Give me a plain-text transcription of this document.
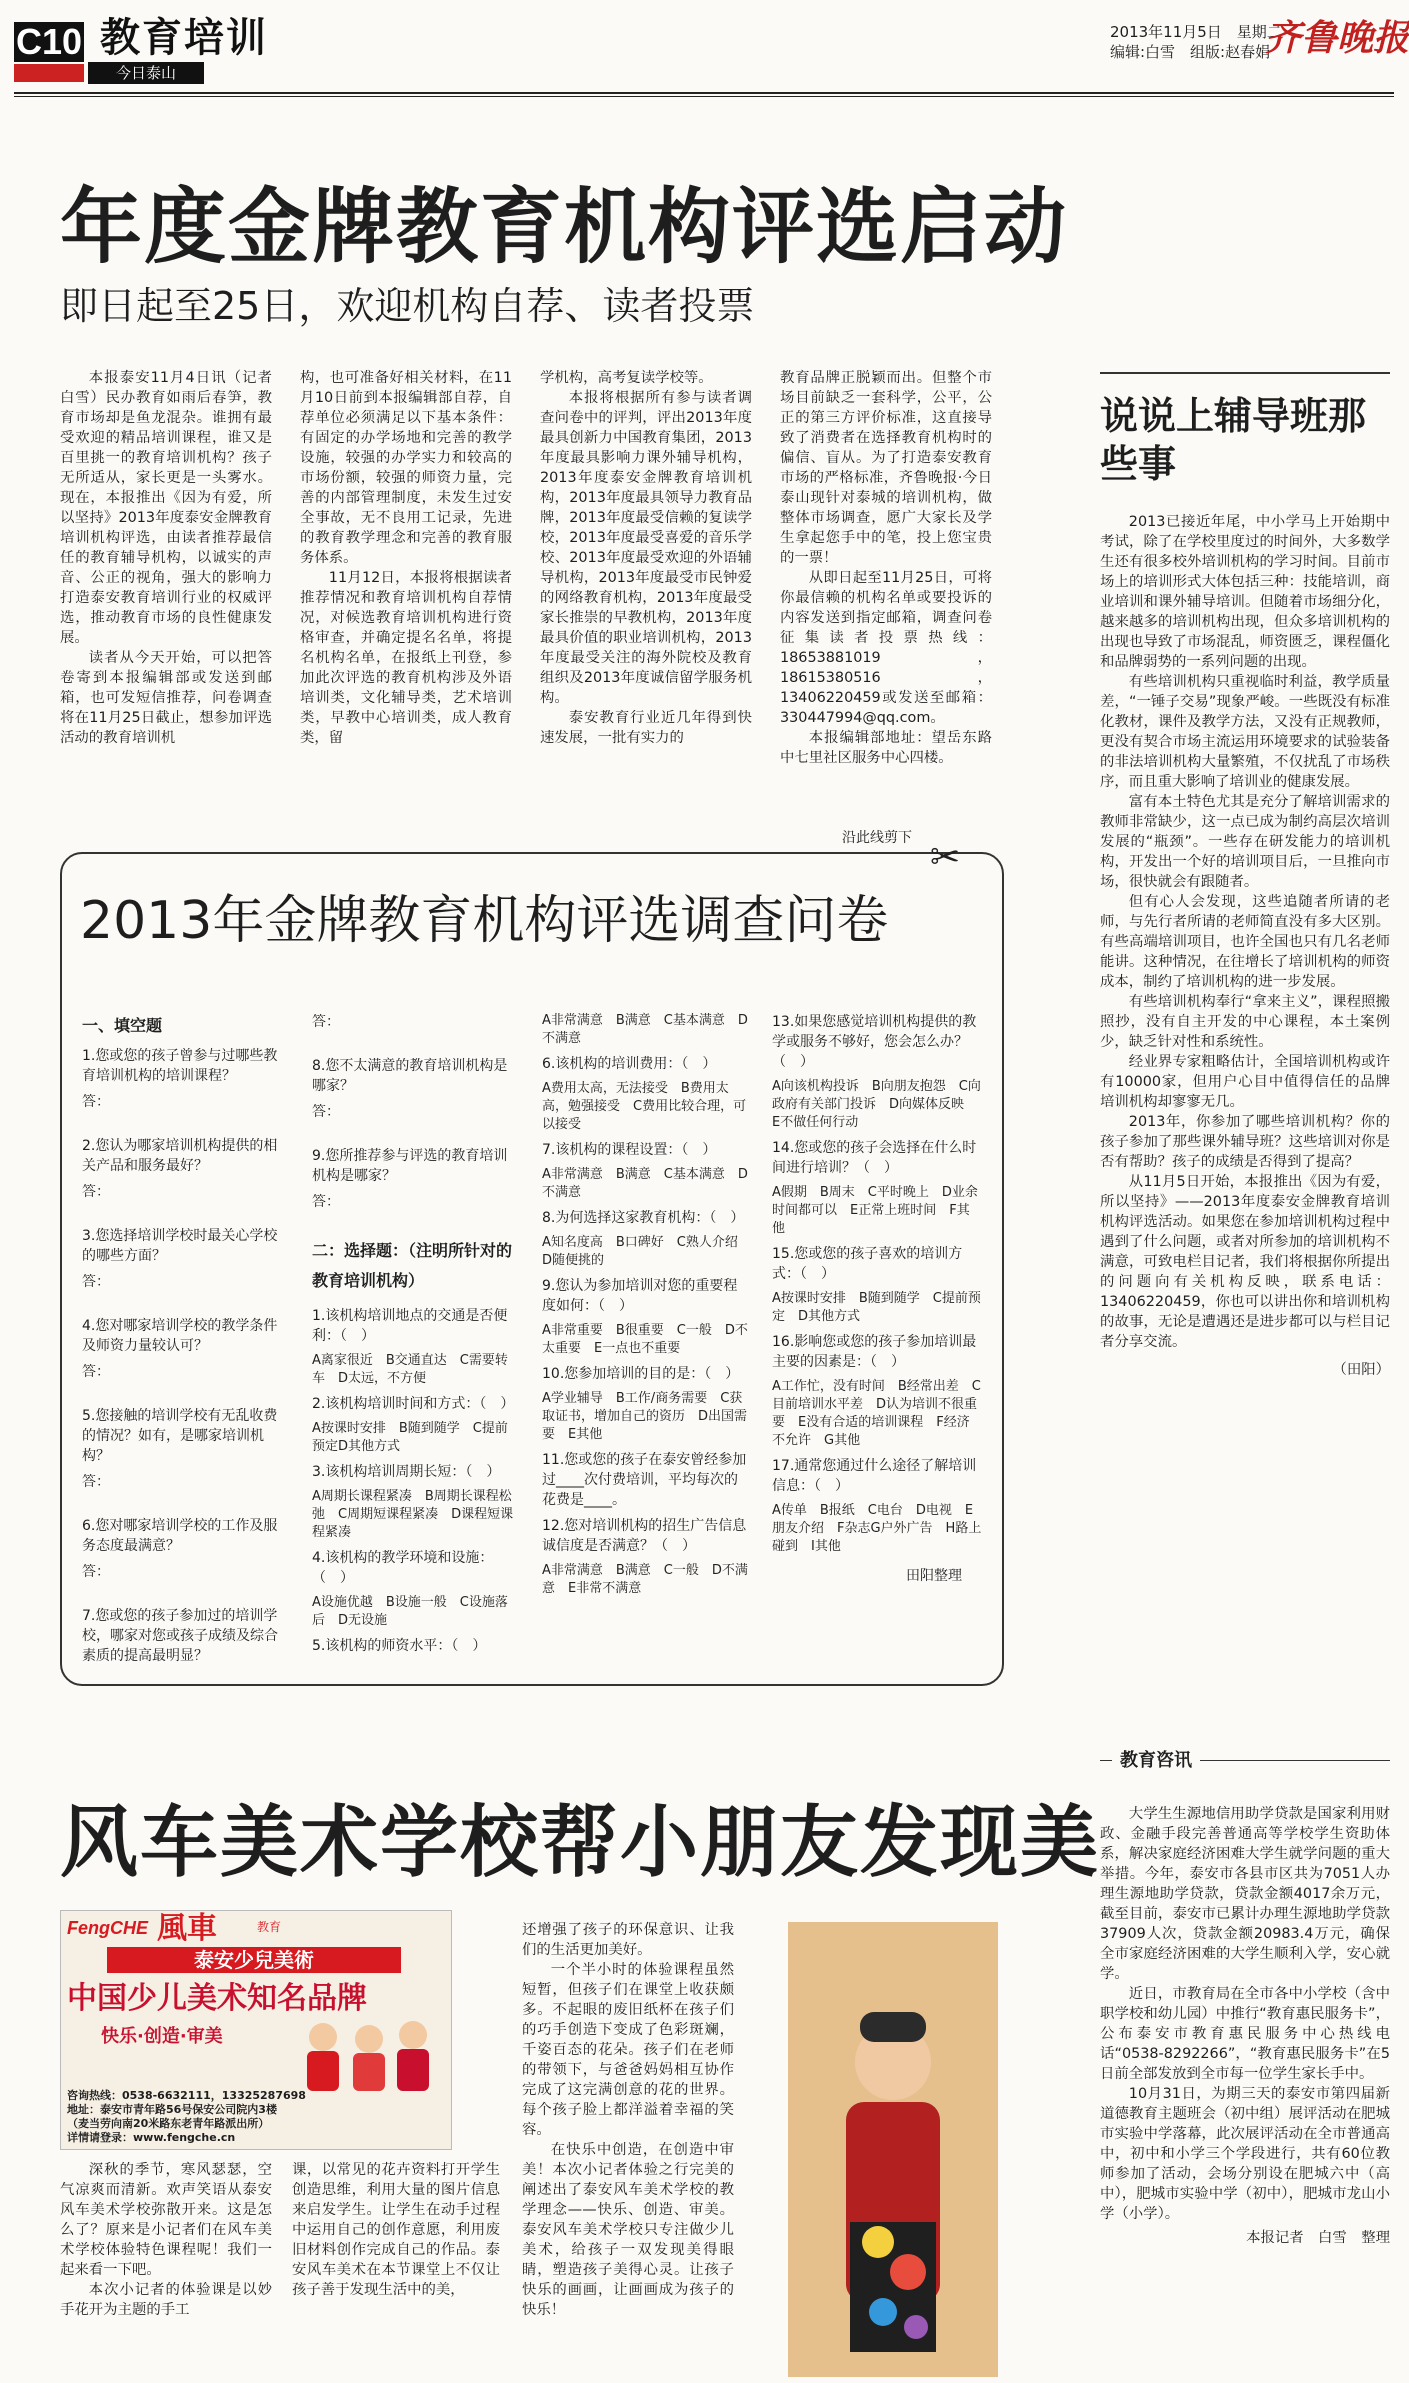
C10 教育培训
今日泰山
2013年11月5日　星期二
编辑:白雪　组版:赵春娟
齐鲁晚报
年度金牌教育机构评选启动
即日起至25日，欢迎机构自荐、读者投票

本报泰安11月4日讯（记者 白雪）民办教育如雨后春笋，教育市场却是鱼龙混杂。谁拥有最受欢迎的精品培训课程，谁又是百里挑一的教育培训机构？孩子无所适从，家长更是一头雾水。现在，本报推出《因为有爱，所以坚持》2013年度泰安金牌教育培训机构评选，由读者推荐最信任的教育辅导机构，以诚实的声音、公正的视角，强大的影响力打造泰安教育培训行业的权威评选，推动教育市场的良性健康发展。

读者从今天开始，可以把答卷寄到本报编辑部或发送到邮箱，也可发短信推荐，问卷调查将在11月25日截止，想参加评选活动的教育培训机

构，也可准备好相关材料，在11月10日前到本报编辑部自荐，自荐单位必须满足以下基本条件：有固定的办学场地和完善的教学设施，较强的办学实力和较高的市场份额，较强的师资力量，完善的内部管理制度，未发生过安全事故，无不良用工记录，先进的教育教学理念和完善的教育服务体系。

11月12日，本报将根据读者推荐情况和教育培训机构自荐情况，对候选教育培训机构进行资格审查，并确定提名名单，将提名机构名单，在报纸上刊登，参加此次评选的教育机构涉及外语培训类，文化辅导类，艺术培训类，早教中心培训类，成人教育类，留

学机构，高考复读学校等。

本报将根据所有参与读者调查问卷中的评判，评出2013年度最具创新力中国教育集团，2013年度最具影响力课外辅导机构，2013年度泰安金牌教育培训机构，2013年度最具领导力教育品牌，2013年度最受信赖的复读学校，2013年度最受喜爱的音乐学校、2013年度最受欢迎的外语辅导机构，2013年度最受市民钟爱的网络教育机构，2013年度最受家长推崇的早教机构，2013年度最具价值的职业培训机构，2013年度最受关注的海外院校及教育组织及2013年度诚信留学服务机构。

泰安教育行业近几年得到快速发展，一批有实力的

教育品牌正脱颖而出。但整个市场目前缺乏一套科学，公平，公正的第三方评价标准，这直接导致了消费者在选择教育机构时的偏信、盲从。为了打造泰安教育市场的严格标准，齐鲁晚报·今日泰山现针对泰城的培训机构，做整体市场调查，愿广大家长及学生拿起您手中的笔，投上您宝贵的一票！

从即日起至11月25日，可将你最信赖的机构名单或要投诉的内容发送到指定邮箱，调查问卷征集读者投票热线：18653881019，18615380516，13406220459或发送至邮箱：330447994@qq.com。

本报编辑部地址：望岳东路中七里社区服务中心四楼。

沿此线剪下 ✂
2013年金牌教育机构评选调查问卷
一、填空题
1.您或您的孩子曾参与过哪些教育培训机构的培训课程？
答：
2.您认为哪家培训机构提供的相关产品和服务最好？
答：
3.您选择培训学校时最关心学校的哪些方面？
答：
4.您对哪家培训学校的教学条件及师资力量较认可？
答：
5.您接触的培训学校有无乱收费的情况？如有，是哪家培训机构？
答：
6.您对哪家培训学校的工作及服务态度最满意？
答：
7.您或您的孩子参加过的培训学校，哪家对您或孩子成绩及综合素质的提高最明显？
答：
8.您不太满意的教育培训机构是哪家？
答：
9.您所推荐参与评选的教育培训机构是哪家？
答：
二：选择题：（注明所针对的教育培训机构）
1.该机构培训地点的交通是否便利：（　）
A离家很近　B交通直达　C需要转车　D太远，不方便
2.该机构培训时间和方式：（　）
A按课时安排　B随到随学　C提前预定D其他方式
3.该机构培训周期长短：（　）
A周期长课程紧凑　B周期长课程松弛　C周期短课程紧凑　D课程短课程紧凑
4.该机构的教学环境和设施：（　）
A设施优越　B设施一般　C设施落后　D无设施
5.该机构的师资水平：（　）
A非常满意　B满意　C基本满意　D不满意
6.该机构的培训费用：（　）
A费用太高，无法接受　B费用太高，勉强接受　C费用比较合理，可以接受
7.该机构的课程设置：（　）
A非常满意　B满意　C基本满意　D不满意
8.为何选择这家教育机构：（　）
A知名度高　B口碑好　C熟人介绍　D随便挑的
9.您认为参加培训对您的重要程度如何：（　）
A非常重要　B很重要　C一般　D不太重要　E一点也不重要
10.您参加培训的目的是：（　）
A学业辅导　B工作/商务需要　C获取证书，增加自己的资历　D出国需要　E其他
11.您或您的孩子在泰安曾经参加过____次付费培训，平均每次的花费是____。
12.您对培训机构的招生广告信息诚信度是否满意？（　）
A非常满意　B满意　C一般　D不满意　E非常不满意
13.如果您感觉培训机构提供的教学或服务不够好，您会怎么办？（　）
A向该机构投诉　B向朋友抱怨　C向政府有关部门投诉　D向媒体反映　E不做任何行动
14.您或您的孩子会选择在什么时间进行培训？（　）
A假期　B周末　C平时晚上　D业余时间都可以　E正常上班时间　F其他
15.您或您的孩子喜欢的培训方式：（　）
A按课时安排　B随到随学　C提前预定　D其他方式
16.影响您或您的孩子参加培训最主要的因素是：（　）
A工作忙，没有时间　B经常出差　C目前培训水平差　D认为培训不很重要　E没有合适的培训课程　F经济不允许　G其他
17.通常您通过什么途径了解培训信息：（　）
A传单　B报纸　C电台　D电视　E朋友介绍　F杂志G户外广告　H路上碰到　I其他
田阳整理
说说上辅导班那些事

2013已接近年尾，中小学马上开始期中考试，除了在学校里度过的时间外，大多数学生还有很多校外培训机构的学习时间。目前市场上的培训形式大体包括三种：技能培训，商业培训和课外辅导培训。但随着市场细分化，越来越多的培训机构出现，但众多培训机构的出现也导致了市场混乱，师资匮乏，课程僵化和品牌弱势的一系列问题的出现。

有些培训机构只重视临时利益，教学质量差，“一锤子交易”现象严峻。一些既没有标准化教材，课件及教学方法，又没有正规教师，更没有契合市场主流运用环境要求的试验装备的非法培训机构大量繁殖，不仅扰乱了市场秩序，而且重大影响了培训业的健康发展。

富有本土特色尤其是充分了解培训需求的教师非常缺少，这一点已成为制约高层次培训发展的“瓶颈”。一些存在研发能力的培训机构，开发出一个好的培训项目后，一旦推向市场，很快就会有跟随者。

但有心人会发现，这些追随者所请的老师，与先行者所请的老师简直没有多大区别。有些高端培训项目，也许全国也只有几名老师能讲。这种情况，在往增长了培训机构的师资成本，制约了培训机构的进一步发展。

有些培训机构奉行“拿来主义”，课程照搬照抄，没有自主开发的中心课程，本土案例少，缺乏针对性和系统性。

经业界专家粗略估计，全国培训机构或许有10000家，但用户心目中值得信任的品牌培训机构却寥寥无几。

2013年，你参加了哪些培训机构？你的孩子参加了那些课外辅导班？这些培训对你是否有帮助？孩子的成绩是否得到了提高？

从11月5日开始，本报推出《因为有爱，所以坚持》——2013年度泰安金牌教育培训机构评选活动。如果您在参加培训机构过程中遇到了什么问题，或者对所参加的培训机构不满意，可致电栏目记者，我们将根据你所提出的问题向有关机构反映，联系电话：13406220459，你也可以讲出你和培训机构的故事，无论是遭遇还是进步都可以与栏目记者分享交流。

（田阳）
教育咨讯

大学生生源地信用助学贷款是国家利用财政、金融手段完善普通高等学校学生资助体系，解决家庭经济困难大学生就学问题的重大举措。今年，泰安市各县市区共为7051人办理生源地助学贷款，贷款金额4017余万元，截至目前，泰安市已累计办理生源地助学贷款37909人次，贷款金额20983.4万元，确保全市家庭经济困难的大学生顺利入学，安心就学。

近日，市教育局在全市各中小学校（含中职学校和幼儿园）中推行“教育惠民服务卡”，公布泰安市教育惠民服务中心热线电话“0538-8292266”，“教育惠民服务卡”在5日前全部发放到全市每一位学生家长手中。

10月31日，为期三天的泰安市第四届新道德教育主题班会（初中组）展评活动在肥城市实验中学落幕，此次展评活动在全市普通高中，初中和小学三个学段进行，共有60位教师参加了活动，会场分别设在肥城六中（高中），肥城市实验中学（初中），肥城市龙山小学（小学）。

本报记者　白雪　整理
风车美术学校帮小朋友发现美
FengCHE 風車	教育
泰安少兒美術
中国少儿美术知名品牌
快乐·创造·审美
咨询热线：0538-6632111，13325287698
地址：泰安市青年路56号保安公司院内3楼
（麦当劳向南20米路东老青年路派出所）
详情请登录：www.fengche.cn

深秋的季节，寒风瑟瑟，空气凉爽而清新。欢声笑语从泰安风车美术学校弥散开来。这是怎么了？原来是小记者们在风车美术学校体验特色课程呢！我们一起来看一下吧。

本次小记者的体验课是以妙手花开为主题的手工

课，以常见的花卉资料打开学生创造思维，利用大量的图片信息来启发学生。让学生在动手过程中运用自己的创作意愿，利用废旧材料创作完成自己的作品。泰安风车美术在本节课堂上不仅让孩子善于发现生活中的美，

还增强了孩子的环保意识、让我们的生活更加美好。

一个半小时的体验课程虽然短暂，但孩子们在课堂上收获颇多。不起眼的废旧纸杯在孩子们的巧手创造下变成了色彩斑斓，千姿百态的花朵。孩子们在老师的带领下，与爸爸妈妈相互协作完成了这完满创意的花的世界。每个孩子脸上都洋溢着幸福的笑容。

在快乐中创造，在创造中审美！本次小记者体验之行完美的阐述出了泰安风车美术学校的教学理念——快乐、创造、审美。泰安风车美术学校只专注做少儿美术，给孩子一双发现美得眼睛，塑造孩子美得心灵。让孩子快乐的画画，让画画成为孩子的快乐！
